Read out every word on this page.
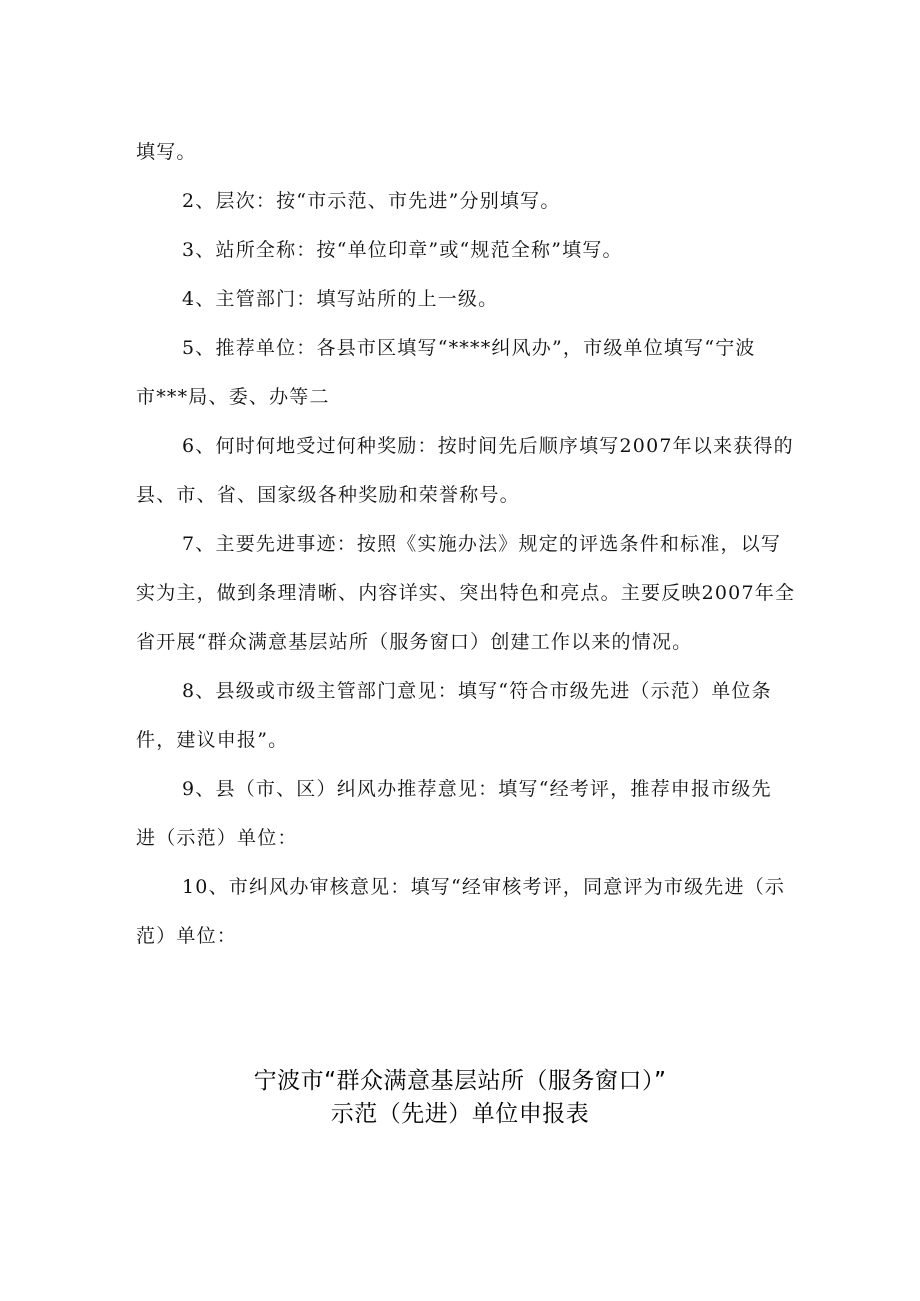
填写。
2、层次：按“市示范、市先进”分别填写。
3、站所全称：按“单位印章”或“规范全称”填写。
4、主管部门：填写站所的上一级。
5、推荐单位：各县市区填写“****纠风办”，市级单位填写“宁波
市***局、委、办等二
6、何时何地受过何种奖励：按时间先后顺序填写2007年以来获得的
县、市、省、国家级各种奖励和荣誉称号。
7、主要先进事迹：按照《实施办法》规定的评选条件和标准，以写
实为主，做到条理清晰、内容详实、突出特色和亮点。主要反映2007年全
省开展“群众满意基层站所（服务窗口）创建工作以来的情况。
8、县级或市级主管部门意见：填写“符合市级先进（示范）单位条
件，建议申报”。
9、县（市、区）纠风办推荐意见：填写“经考评，推荐申报市级先
进（示范）单位：
10、市纠风办审核意见：填写“经审核考评，同意评为市级先进（示
范）单位：
宁波市“群众满意基层站所（服务窗口）”
示范（先进）单位申报表
